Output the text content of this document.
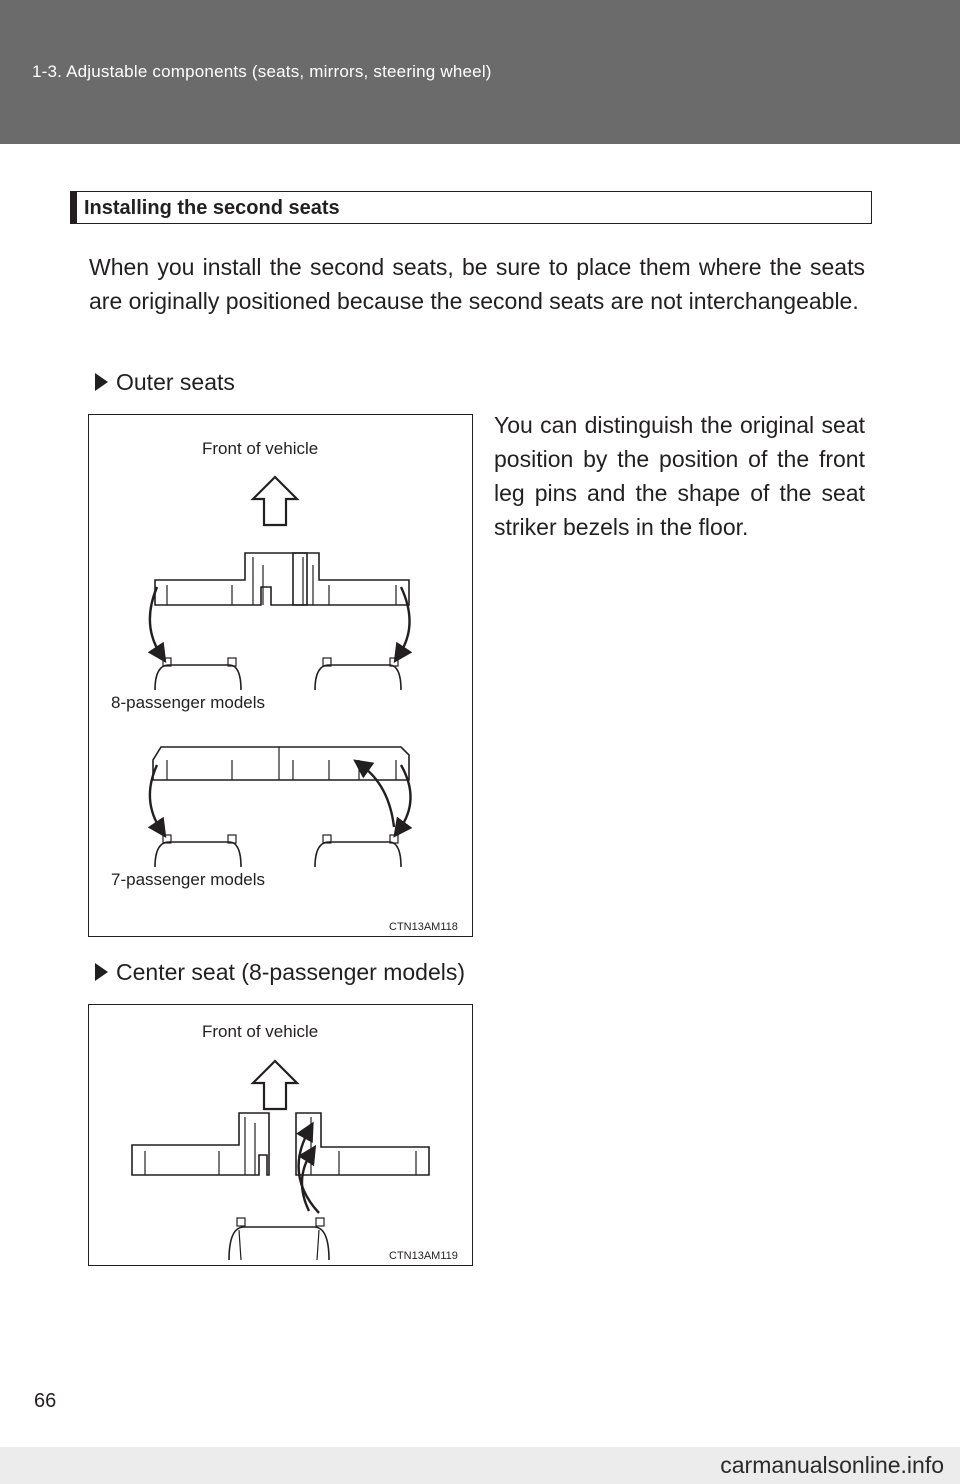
1-3. Adjustable components (seats, mirrors, steering wheel)
Installing the second seats

When you install the second seats, be sure to place them where the seats are originally positioned because the second seats are not interchangeable.

Outer seats

You can distinguish the original seat position by the position of the front leg pins and the shape of the seat striker bezels in the floor.

Front of vehicle
8-passenger models
7-passenger models
CTN13AM118
Center seat (8-passenger models)
Front of vehicle
CTN13AM119
66
carmanualsonline.info
